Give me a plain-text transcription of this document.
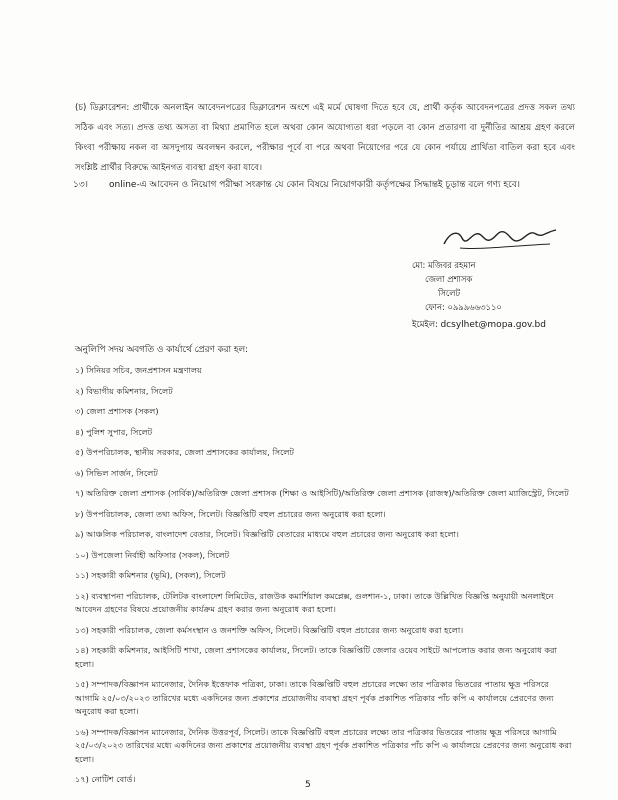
(চ) ডিক্লারেশন: প্রার্থীকে অনলাইন আবেদনপত্রের ডিক্লারেশন অংশে এই মর্মে ঘোষণা দিতে হবে যে, প্রার্থী কর্তৃক আবেদনপত্রের প্রদত্ত সকল তথ্য সঠিক এবং সত্য। প্রদত্ত তথ্য অসত্য বা মিথ্যা প্রমাণিত হলে অথবা কোন অযোগ্যতা ধরা পড়লে বা কোন প্রতারণা বা দুর্নীতির আশ্রয় গ্রহণ করলে কিংবা পরীক্ষায় নকল বা অসদুপায় অবলম্বন করলে, পরীক্ষার পূর্বে বা পরে অথবা নিয়োগের পরে যে কোন পর্যায়ে প্রার্থিতা বাতিল করা হবে এবং সংশ্লিষ্ট প্রার্থীর বিরুদ্ধে আইনগত ব্যবস্থা গ্রহণ করা যাবে।
১৩। online-এ আবেদন ও নিয়োগ পরীক্ষা সংক্রান্ত যে কোন বিষয়ে নিয়োগকারী কর্তৃপক্ষের সিদ্ধান্তই চূড়ান্ত বলে গণ্য হবে।
মো: মজিবর রহমান
জেলা প্রশাসক
সিলেট
ফোন: ০৯৯৯৬৬৩১১০
ইমেইল: dcsylhet@mopa.gov.bd
অনুলিপি সদয় অবগতি ও কার্যার্থে প্রেরণ করা হল:
১) সিনিয়র সচিব, জনপ্রশাসন মন্ত্রণালয়
২) বিভাগীয় কমিশনার, সিলেট
৩) জেলা প্রশাসক (সকল)
৪) পুলিশ সুপার, সিলেট
৫) উপপরিচালক, স্থানীয় সরকার, জেলা প্রশাসকের কার্যালয়, সিলেট
৬) সিভিল সার্জন, সিলেট
৭) অতিরিক্ত জেলা প্রশাসক (সার্বিক)/অতিরিক্ত জেলা প্রশাসক (শিক্ষা ও আইসিটি)/অতিরিক্ত জেলা প্রশাসক (রাজস্ব)/অতিরিক্ত জেলা ম্যাজিস্ট্রেট, সিলেট
৮) উপপরিচালক, জেলা তথ্য অফিস, সিলেট। বিজ্ঞপ্তিটি বহুল প্রচারের জন্য অনুরোধ করা হলো।
৯) আঞ্চলিক পরিচালক, বাংলাদেশ বেতার, সিলেট। বিজ্ঞপ্তিটি বেতারের মাধ্যমে বহুল প্রচারের জন্য অনুরোধ করা হলো।
১০) উপজেলা নির্বাহী অফিসার (সকল), সিলেট
১১) সহকারী কমিশনার (ভূমি), (সকল), সিলেট
১২) ব্যবস্থাপনা পরিচালক, টেলিটক বাংলাদেশ লিমিটেড, রাজউক কমার্শিয়াল কমপ্লেক্স, গুলশান-১, ঢাকা। তাকে উল্লিখিত বিজ্ঞপ্তি অনুযায়ী অনলাইনে আবেদন গ্রহণের বিষয়ে প্রয়োজনীয় কার্যক্রম গ্রহণ করার জন্য অনুরোধ করা হলো।
১৩) সহকারী পরিচালক, জেলা কর্মসংস্থান ও জনশক্তি অফিস, সিলেট। বিজ্ঞপ্তিটি বহুল প্রচারের জন্য অনুরোধ করা হলো।
১৪) সহকারী কমিশনার, আইসিটি শাখা, জেলা প্রশাসকের কার্যালয়, সিলেট। তাকে বিজ্ঞপ্তিটি জেলার ওয়েব সাইটে আপলোড করার জন্য অনুরোধ করা হলো।
১৫) সম্পাদক/বিজ্ঞাপন ম্যানেজার, দৈনিক ইত্তেফাক পত্রিকা, ঢাকা। তাকে বিজ্ঞপ্তিটি বহুল প্রচারের লক্ষ্যে তার পত্রিকার ভিতরের পাতায় ক্ষুদ্র পরিসরে আগামি ২৫/০৩/২০২৩ তারিখের মধ্যে একদিনের জন্য প্রকাশের প্রয়োজনীয় ব্যবস্থা গ্রহণ পূর্বক প্রকাশিত পত্রিকার পাঁচ কপি এ কার্যালয়ে প্রেরণের জন্য অনুরোধ করা হলো।
১৬) সম্পাদক/বিজ্ঞাপন ম্যানেজার, দৈনিক উত্তরপূর্ব, সিলেট। তাকে বিজ্ঞপ্তিটি বহুল প্রচারের লক্ষ্যে তার পত্রিকার ভিতরের পাতায় ক্ষুদ্র পরিসরে আগামি ২৫/০৩/২০২৩ তারিখের মধ্যে একদিনের জন্য প্রকাশের প্রয়োজনীয় ব্যবস্থা গ্রহণ পূর্বক প্রকাশিত পত্রিকার পাঁচ কপি এ কার্যালয়ে প্রেরণের জন্য অনুরোধ করা হলো।
১৭) নোটিশ বোর্ড।
5
